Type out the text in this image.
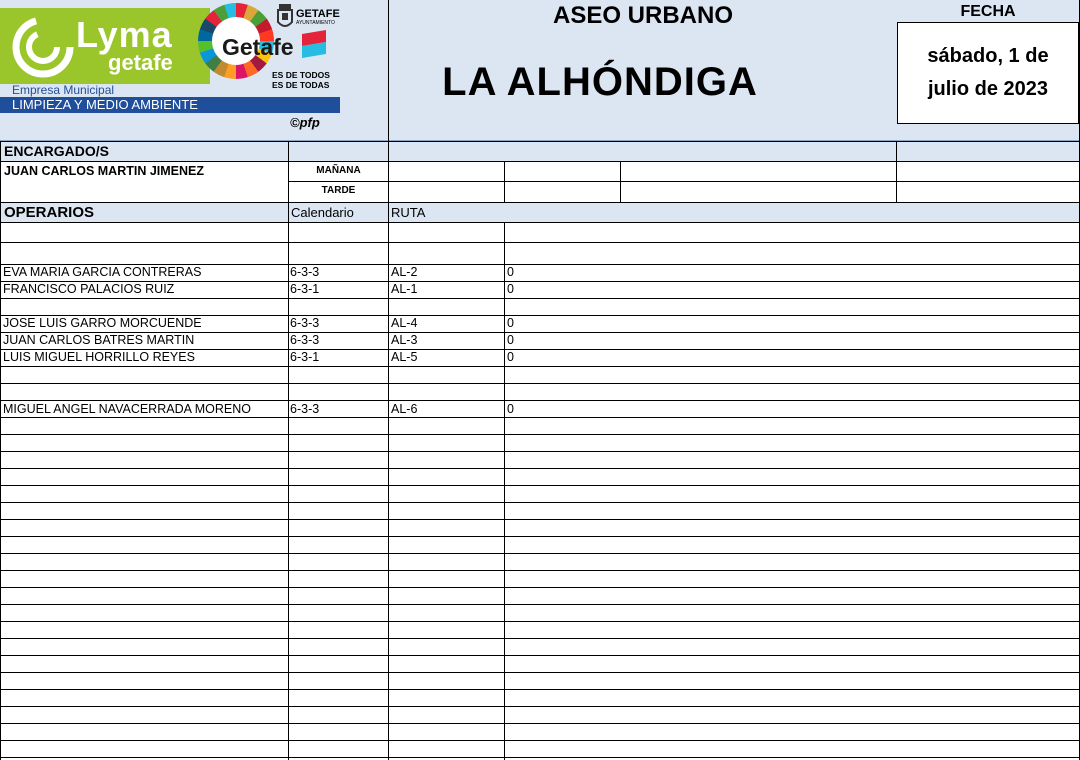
Lyma
getafe
Getafe
GETAFE
AYUNTAMIENTO
ES DE TODOS
ES DE TODAS
Empresa Municipal
LIMPIEZA Y MEDIO AMBIENTE
©pfp
ASEO URBANO
LA ALHÓNDIGA
FECHA
sábado, 1 de
julio de 2023
ENCARGADO/S
JUAN CARLOS MARTIN JIMENEZ	MAÑANA
TARDE
OPERARIOS	Calendario	RUTA
EVA MARIA GARCIA CONTRERAS	6-3-3	AL-2	0
FRANCISCO PALACIOS RUIZ	6-3-1	AL-1	0
JOSE LUIS GARRO MORCUENDE	6-3-3	AL-4	0
JUAN CARLOS BATRES MARTIN	6-3-3	AL-3	0
LUIS MIGUEL HORRILLO REYES	6-3-1	AL-5	0
MIGUEL ANGEL NAVACERRADA MORENO	6-3-3	AL-6	0
